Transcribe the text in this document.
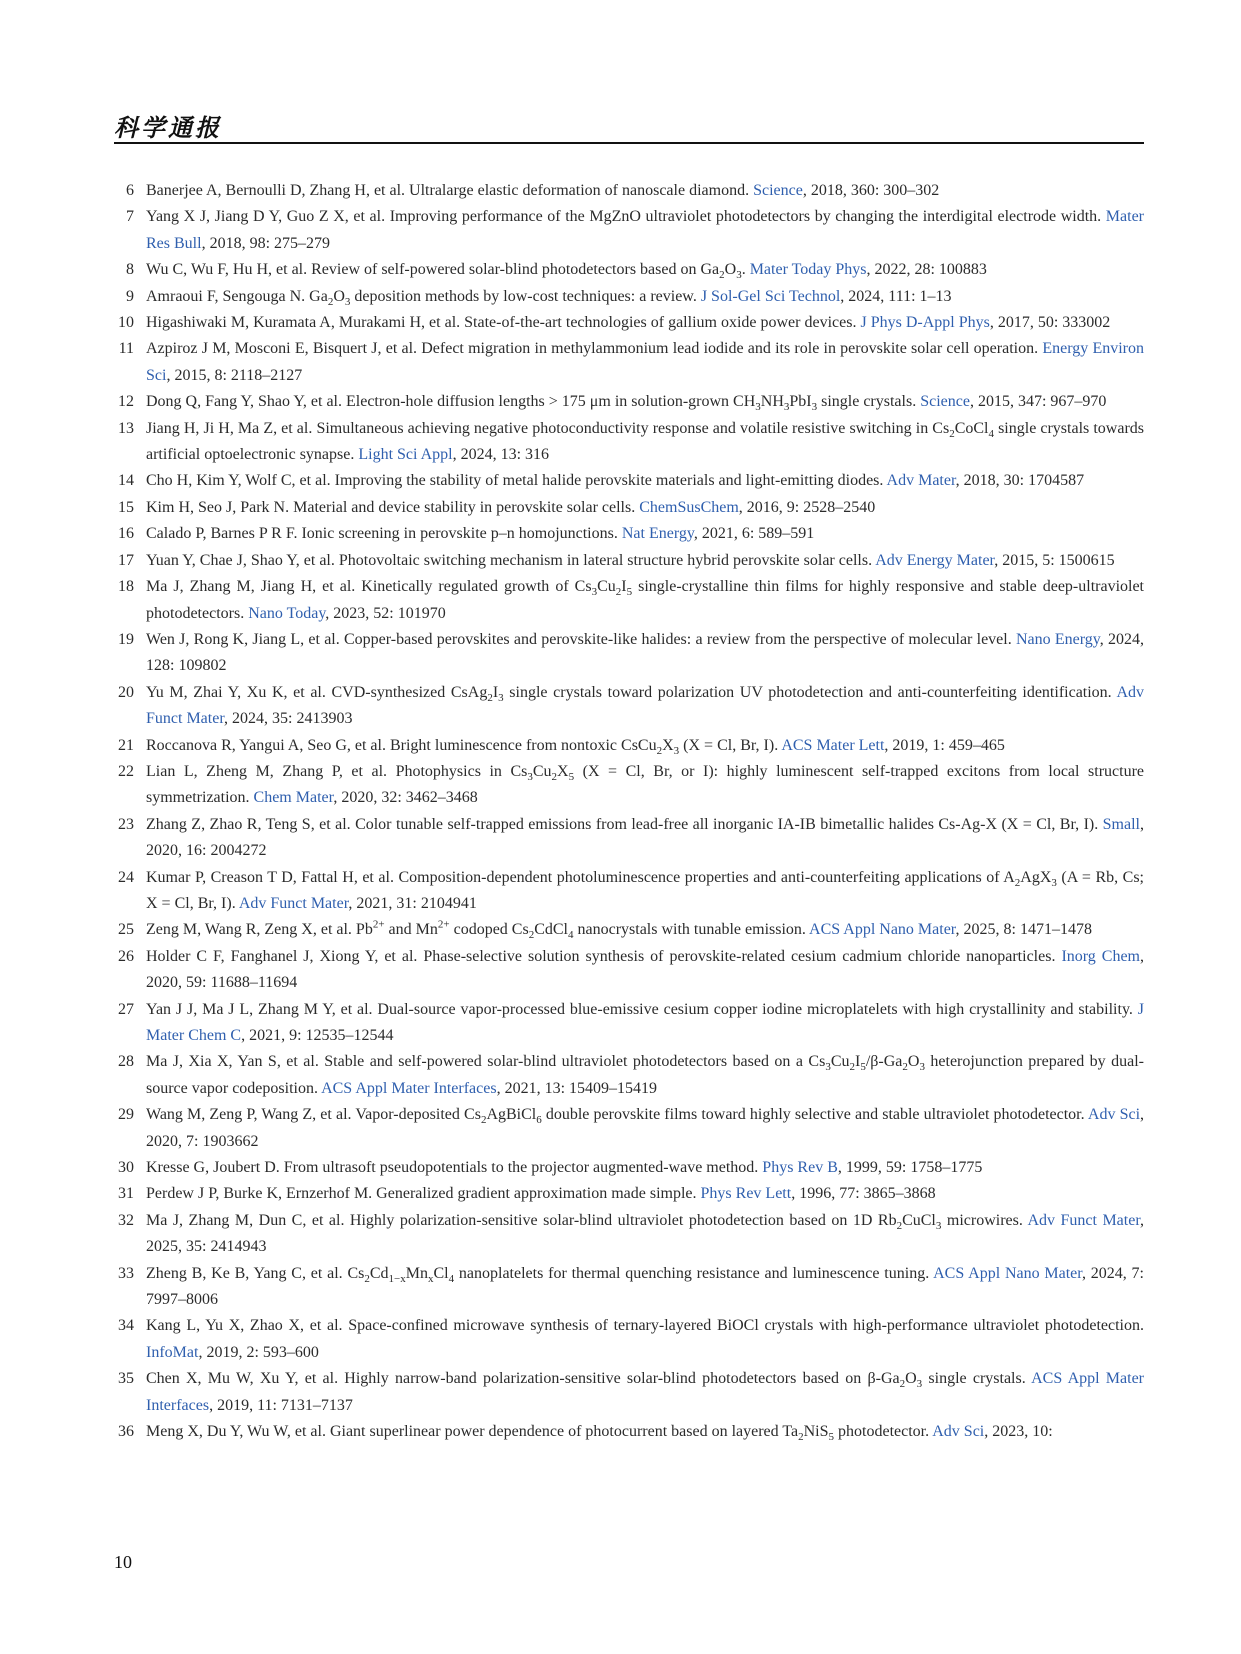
科学通报

6 Banerjee A, Bernoulli D, Zhang H, et al. Ultralarge elastic deformation of nanoscale diamond. Science, 2018, 360: 300–302

7 Yang X J, Jiang D Y, Guo Z X, et al. Improving performance of the MgZnO ultraviolet photodetectors by changing the interdigital electrode width. Mater Res Bull, 2018, 98: 275–279

8 Wu C, Wu F, Hu H, et al. Review of self-powered solar-blind photodetectors based on $Ga_2O_3$. Mater Today Phys, 2022, 28: 100883

9 Amraoui F, Sengouga N. $Ga_2O_3$ deposition methods by low-cost techniques: a review. J Sol-Gel Sci Technol, 2024, 111: 1–13

10 Higashiwaki M, Kuramata A, Murakami H, et al. State-of-the-art technologies of gallium oxide power devices. J Phys D-Appl Phys, 2017, 50: 333002

11 Azpiroz J M, Mosconi E, Bisquert J, et al. Defect migration in methylammonium lead iodide and its role in perovskite solar cell operation. Energy Environ Sci, 2015, 8: 2118–2127

12 Dong Q, Fang Y, Shao Y, et al. Electron-hole diffusion lengths > 175 μm in solution-grown $CH_3NH_3PbI_3$ single crystals. Science, 2015, 347: 967–970

13 Jiang H, Ji H, Ma Z, et al. Simultaneous achieving negative photoconductivity response and volatile resistive switching in $Cs_2CoCl_4$ single crystals towards artificial optoelectronic synapse. Light Sci Appl, 2024, 13: 316

14 Cho H, Kim Y, Wolf C, et al. Improving the stability of metal halide perovskite materials and light-emitting diodes. Adv Mater, 2018, 30: 1704587

15 Kim H, Seo J, Park N. Material and device stability in perovskite solar cells. ChemSusChem, 2016, 9: 2528–2540

16 Calado P, Barnes P R F. Ionic screening in perovskite p–n homojunctions. Nat Energy, 2021, 6: 589–591

17 Yuan Y, Chae J, Shao Y, et al. Photovoltaic switching mechanism in lateral structure hybrid perovskite solar cells. Adv Energy Mater, 2015, 5: 1500615

18 Ma J, Zhang M, Jiang H, et al. Kinetically regulated growth of $Cs_3Cu_2I_5$ single-crystalline thin films for highly responsive and stable deep-ultraviolet photodetectors. Nano Today, 2023, 52: 101970

19 Wen J, Rong K, Jiang L, et al. Copper-based perovskites and perovskite-like halides: a review from the perspective of molecular level. Nano Energy, 2024, 128: 109802

20 Yu M, Zhai Y, Xu K, et al. CVD-synthesized $CsAg_2I_3$ single crystals toward polarization UV photodetection and anti-counterfeiting identification. Adv Funct Mater, 2024, 35: 2413903

21 Roccanova R, Yangui A, Seo G, et al. Bright luminescence from nontoxic $CsCu_2X_3$ (X = Cl, Br, I). ACS Mater Lett, 2019, 1: 459–465

22 Lian L, Zheng M, Zhang P, et al. Photophysics in $Cs_3Cu_2X_5$ (X = Cl, Br, or I): highly luminescent self-trapped excitons from local structure symmetrization. Chem Mater, 2020, 32: 3462–3468

23 Zhang Z, Zhao R, Teng S, et al. Color tunable self-trapped emissions from lead-free all inorganic IA-IB bimetallic halides Cs-Ag-X (X = Cl, Br, I). Small, 2020, 16: 2004272

24 Kumar P, Creason T D, Fattal H, et al. Composition-dependent photoluminescence properties and anti-counterfeiting applications of $A_2AgX_3$ (A = Rb, Cs; X = Cl, Br, I). Adv Funct Mater, 2021, 31: 2104941

25 Zeng M, Wang R, Zeng X, et al. $Pb^{2+}$ and $Mn^{2+}$ codoped $Cs_2CdCl_4$ nanocrystals with tunable emission. ACS Appl Nano Mater, 2025, 8: 1471–1478

26 Holder C F, Fanghanel J, Xiong Y, et al. Phase-selective solution synthesis of perovskite-related cesium cadmium chloride nanoparticles. Inorg Chem, 2020, 59: 11688–11694

27 Yan J J, Ma J L, Zhang M Y, et al. Dual-source vapor-processed blue-emissive cesium copper iodine microplatelets with high crystallinity and stability. J Mater Chem C, 2021, 9: 12535–12544

28 Ma J, Xia X, Yan S, et al. Stable and self-powered solar-blind ultraviolet photodetectors based on a $Cs_3Cu_2I_5/\beta-Ga_2O_3$ heterojunction prepared by dual-source vapor codeposition. ACS Appl Mater Interfaces, 2021, 13: 15409–15419

29 Wang M, Zeng P, Wang Z, et al. Vapor-deposited $Cs_2AgBiCl_6$ double perovskite films toward highly selective and stable ultraviolet photodetector. Adv Sci, 2020, 7: 1903662

30 Kresse G, Joubert D. From ultrasoft pseudopotentials to the projector augmented-wave method. Phys Rev B, 1999, 59: 1758–1775

31 Perdew J P, Burke K, Ernzerhof M. Generalized gradient approximation made simple. Phys Rev Lett, 1996, 77: 3865–3868

32 Ma J, Zhang M, Dun C, et al. Highly polarization-sensitive solar-blind ultraviolet photodetection based on 1D $Rb_2CuCl_3$ microwires. Adv Funct Mater, 2025, 35: 2414943

33 Zheng B, Ke B, Yang C, et al. $Cs_2Cd_{1-x}Mn_xCl_4$ nanoplatelets for thermal quenching resistance and luminescence tuning. ACS Appl Nano Mater, 2024, 7: 7997–8006

34 Kang L, Yu X, Zhao X, et al. Space-confined microwave synthesis of ternary-layered BiOCl crystals with high-performance ultraviolet photodetection. InfoMat, 2019, 2: 593–600

35 Chen X, Mu W, Xu Y, et al. Highly narrow-band polarization-sensitive solar-blind photodetectors based on $\beta-Ga_2O_3$ single crystals. ACS Appl Mater Interfaces, 2019, 11: 7131–7137

36 Meng X, Du Y, Wu W, et al. Giant superlinear power dependence of photocurrent based on layered $Ta_2NiS_5$ photodetector. Adv Sci, 2023, 10:

10
